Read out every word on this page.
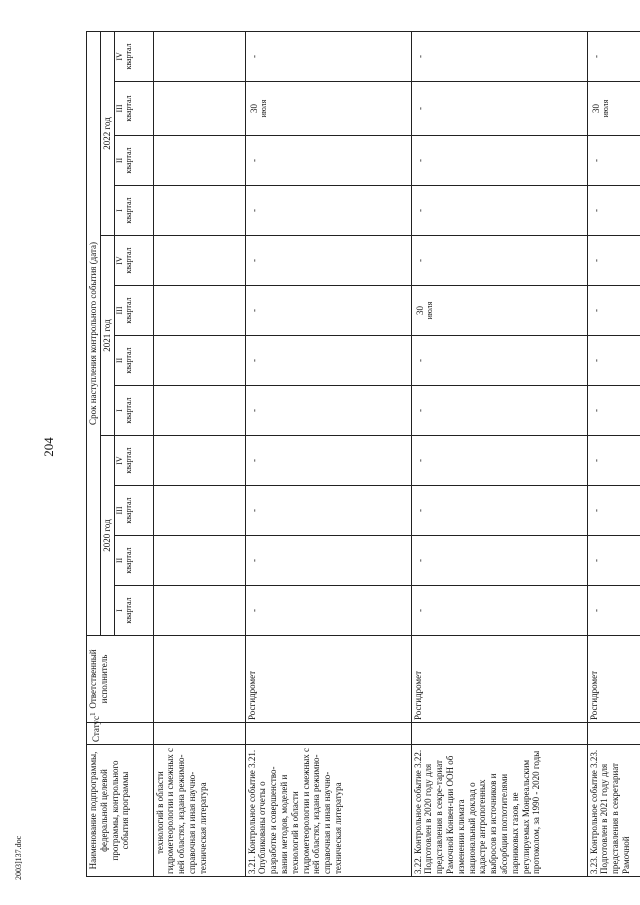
204
Наименование подпрограммы, федеральной целевой программы, контрольного события программы	Статус$^1$	Ответственный исполнитель	Срок наступления контрольного события (дата)											
			2020 год				2021 год				2022 год			

			I квартал	II квартал	III квартал	IV квартал	I квартал	II квартал	III квартал	IV квартал	I квартал	II квартал	III квартал	IV квартал

технологий в области гидрометеорологии и смежных с ней областях, издана режимно-справочная и иная научно-техническая литература														
3.21.Контрольное событие 3.21. Опубликованы отчеты о разработке и совершенство-вании методов, моделей и технологий в области гидрометеорологии и смежных с ней областях, издана режимно-справочная и иная научно-техническая литература		Росгидромет	-	-	-	-	-	-	-	-	-	-	30 июля	-
3.22.Контрольное событие 3.22. Подготовлен в 2020 году для представления в секре-тариат Рамочной Конвен-ции ООН об изменении климата национальный доклад о кадастре антропогенных выбросов из источников и абсорбции поглотителями парниковых газов, не регулируемых Монреальским протоколом, за 1990 - 2020 годы		Росгидромет	-	-	-	-	-	-	30 июля	-	-	-	-	-
3.23.Контрольное событие 3.23. Подготовлен в 2021 году для представления в секретариат Рамочной		Росгидромет	-	-	-	-	-	-	-	-	-	-	30 июля	-
2003]137.doc
